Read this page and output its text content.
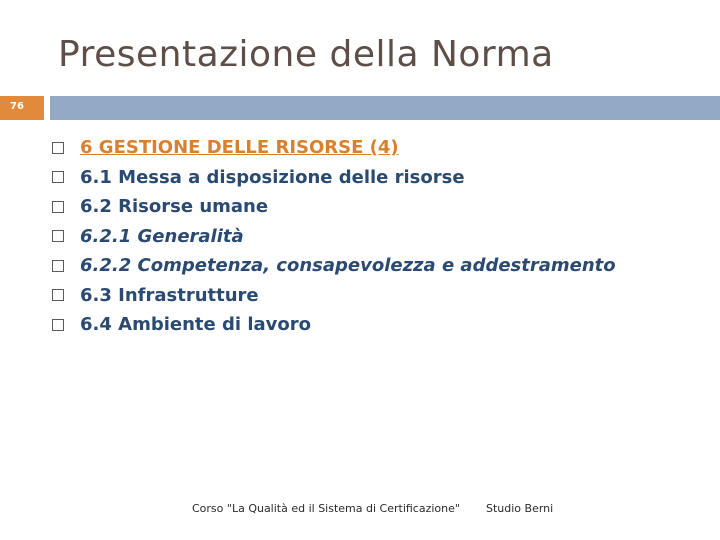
Presentazione della Norma
76
6 GESTIONE DELLE RISORSE (4)
6.1 Messa a disposizione delle risorse
6.2 Risorse umane
6.2.1 Generalità
6.2.2 Competenza, consapevolezza e addestramento
6.3 Infrastrutture
6.4 Ambiente di lavoro
Corso "La Qualità ed il Sistema di Certificazione" Studio Berni
